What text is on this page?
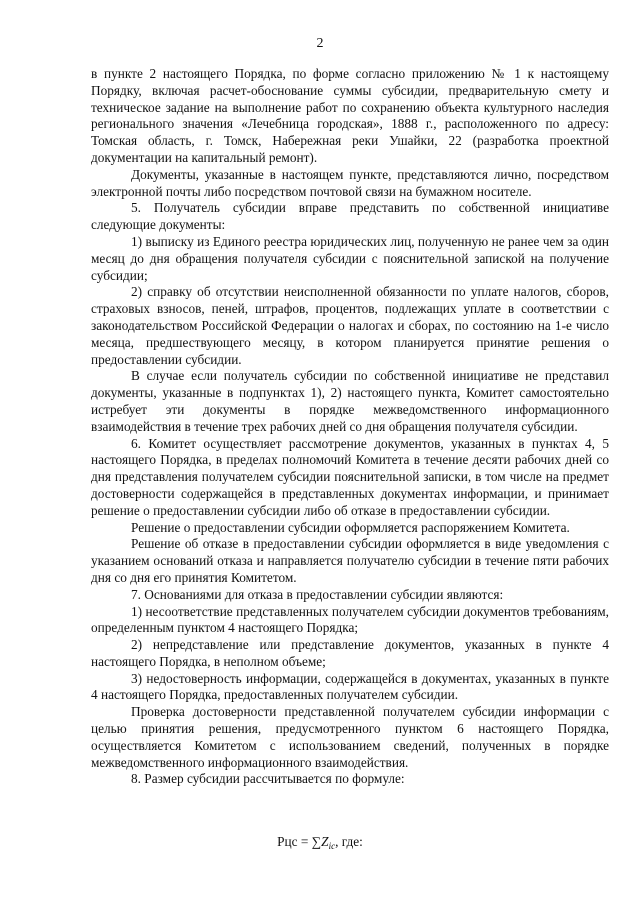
2

в пункте 2 настоящего Порядка, по форме согласно приложению № 1 к настоящему Порядку, включая расчет-обоснование суммы субсидии, предварительную смету и техническое задание на выполнение работ по сохранению объекта культурного наследия регионального значения «Лечебница городская», 1888 г., расположенного по адресу: Томская область, г. Томск, Набережная реки Ушайки, 22 (разработка проектной документации на капитальный ремонт).

Документы, указанные в настоящем пункте, представляются лично, посредством электронной почты либо посредством почтовой связи на бумажном носителе.

5. Получатель субсидии вправе представить по собственной инициативе следующие документы:

1) выписку из Единого реестра юридических лиц, полученную не ранее чем за один месяц до дня обращения получателя субсидии с пояснительной запиской на получение субсидии;

2) справку об отсутствии неисполненной обязанности по уплате налогов, сборов, страховых взносов, пеней, штрафов, процентов, подлежащих уплате в соответствии с законодательством Российской Федерации о налогах и сборах, по состоянию на 1-е число месяца, предшествующего месяцу, в котором планируется принятие решения о предоставлении субсидии.

В случае если получатель субсидии по собственной инициативе не представил документы, указанные в подпунктах 1), 2) настоящего пункта, Комитет самостоятельно истребует эти документы в порядке межведомственного информационного взаимодействия в течение трех рабочих дней со дня обращения получателя субсидии.

6. Комитет осуществляет рассмотрение документов, указанных в пунктах 4, 5 настоящего Порядка, в пределах полномочий Комитета в течение десяти рабочих дней со дня представления получателем субсидии пояснительной записки, в том числе на предмет достоверности содержащейся в представленных документах информации, и принимает решение о предоставлении субсидии либо об отказе в предоставлении субсидии.

Решение о предоставлении субсидии оформляется распоряжением Комитета.

Решение об отказе в предоставлении субсидии оформляется в виде уведомления с указанием оснований отказа и направляется получателю субсидии в течение пяти рабочих дня со дня его принятия Комитетом.

7. Основаниями для отказа в предоставлении субсидии являются:

1) несоответствие представленных получателем субсидии документов требованиям, определенным пунктом 4 настоящего Порядка;

2) непредставление или представление документов, указанных в пункте 4 настоящего Порядка, в неполном объеме;

3) недостоверность информации, содержащейся в документах, указанных в пункте 4 настоящего Порядка, предоставленных получателем субсидии.

Проверка достоверности представленной получателем субсидии информации с целью принятия решения, предусмотренного пунктом 6 настоящего Порядка, осуществляется Комитетом с использованием сведений, полученных в порядке межведомственного информационного взаимодействия.

8. Размер субсидии рассчитывается по формуле:

Рцс = $\sum Z_{ic}$, где:
